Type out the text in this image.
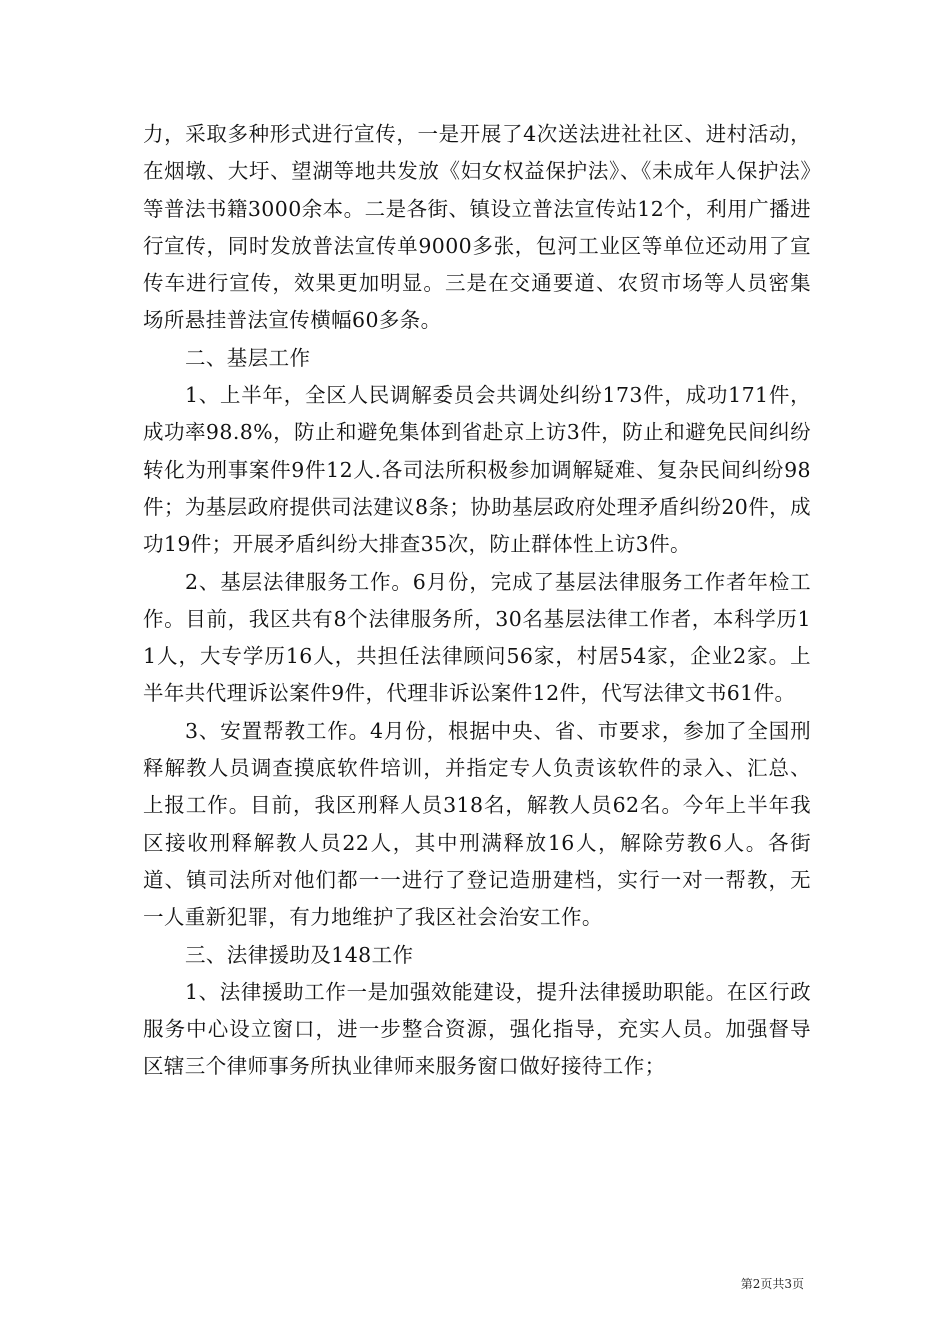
力，采取多种形式进行宣传，一是开展了4次送法进社社区、进村活动，在烟墩、大圩、望湖等地共发放《妇女权益保护法》、《未成年人保护法》等普法书籍3000余本。二是各街、镇设立普法宣传站12个，利用广播进行宣传，同时发放普法宣传单9000多张，包河工业区等单位还动用了宣传车进行宣传，效果更加明显。三是在交通要道、农贸市场等人员密集场所悬挂普法宣传横幅60多条。

二、基层工作

1、上半年，全区人民调解委员会共调处纠纷173件，成功171件，成功率98.8%，防止和避免集体到省赴京上访3件，防止和避免民间纠纷转化为刑事案件9件12人.各司法所积极参加调解疑难、复杂民间纠纷98件；为基层政府提供司法建议8条；协助基层政府处理矛盾纠纷20件，成功19件；开展矛盾纠纷大排查35次，防止群体性上访3件。

2、基层法律服务工作。6月份，完成了基层法律服务工作者年检工作。目前，我区共有8个法律服务所，30名基层法律工作者，本科学历11人，大专学历16人，共担任法律顾问56家，村居54家，企业2家。上半年共代理诉讼案件9件，代理非诉讼案件12件，代写法律文书61件。

3、安置帮教工作。4月份，根据中央、省、市要求，参加了全国刑释解教人员调查摸底软件培训，并指定专人负责该软件的录入、汇总、上报工作。目前，我区刑释人员318名，解教人员62名。今年上半年我区接收刑释解教人员22人，其中刑满释放16人，解除劳教6人。各街道、镇司法所对他们都一一进行了登记造册建档，实行一对一帮教，无一人重新犯罪，有力地维护了我区社会治安工作。

三、法律援助及148工作

1、法律援助工作一是加强效能建设，提升法律援助职能。在区行政服务中心设立窗口，进一步整合资源，强化指导，充实人员。加强督导区辖三个律师事务所执业律师来服务窗口做好接待工作；

第2页共3页
